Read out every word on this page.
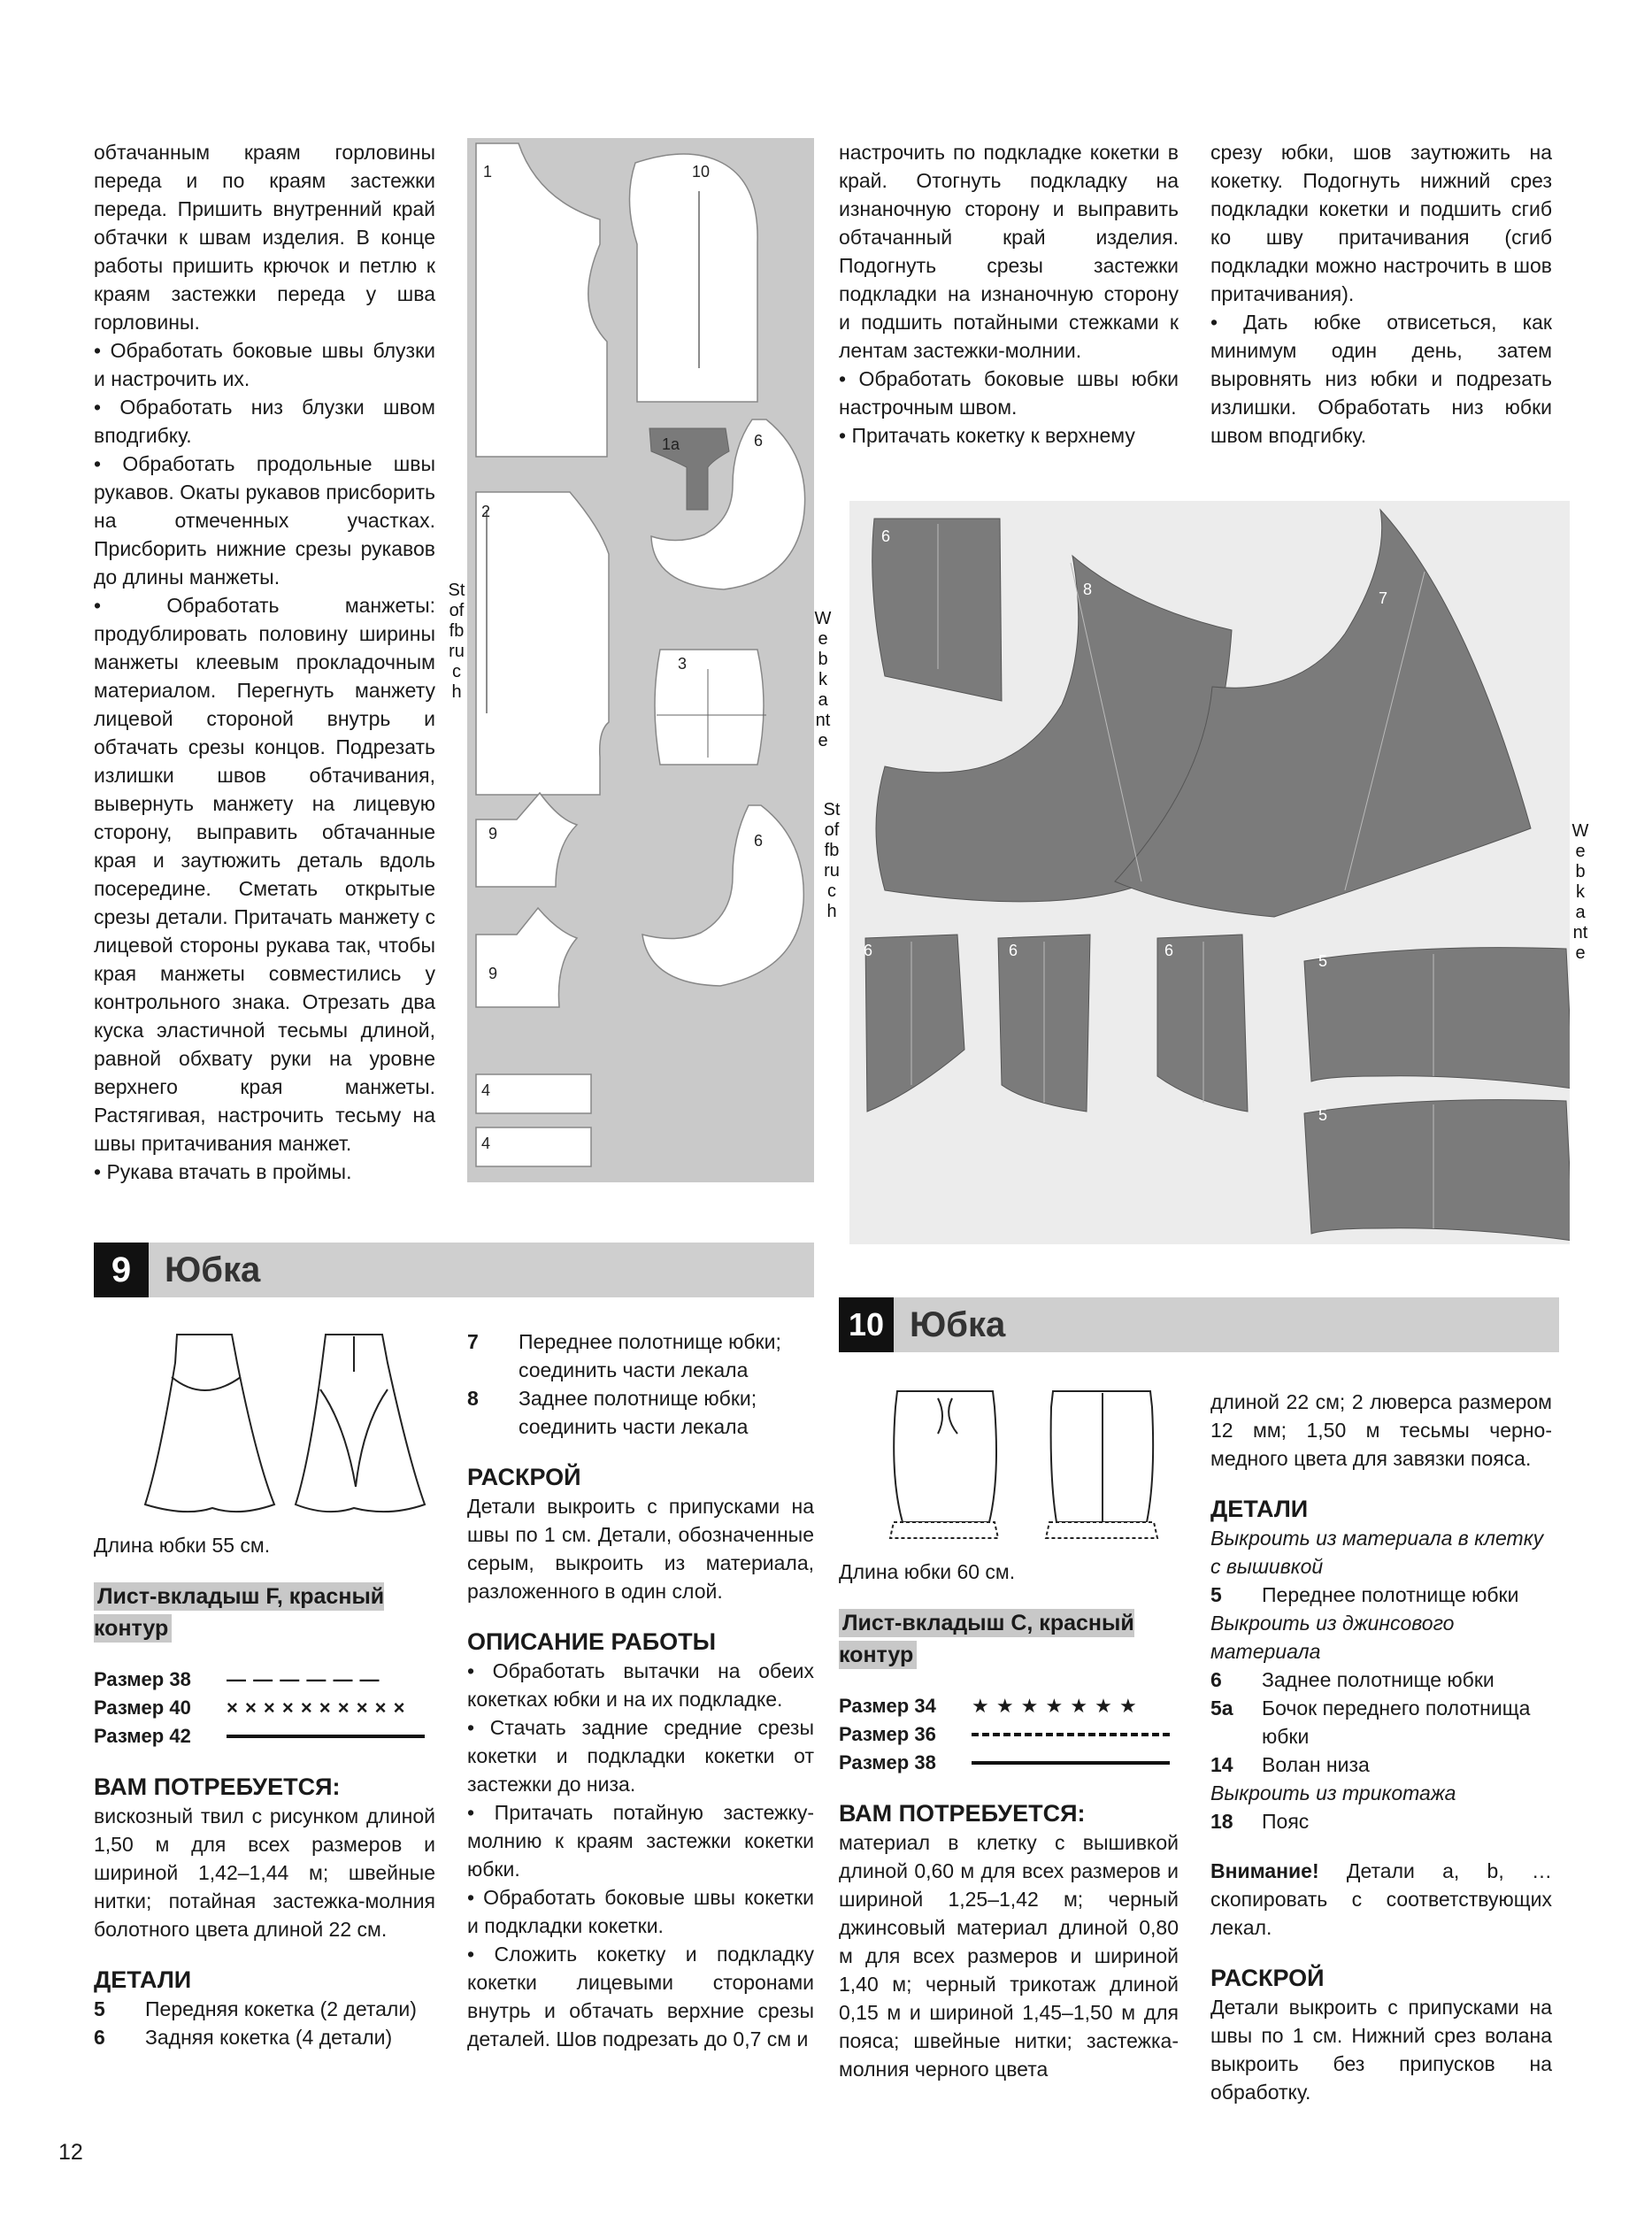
обтачанным краям горловины переда и по краям застежки переда. Пришить внутренний край обтачки к швам изделия. В конце работы пришить крючок и петлю к краям застежки переда у шва горловины.

• Обработать боковые швы блузки и настрочить их.

• Обработать низ блузки швом вподгибку.

• Обработать продольные швы рукавов. Окаты рукавов присборить на отмеченных участках. Присборить нижние срезы рукавов до длины манжеты.

• Обработать манжеты: продублировать половину ширины манжеты клеевым прокладочным материалом. Перегнуть манжету лицевой стороной внутрь и обтачать срезы концов. Подрезать излишки швов обтачивания, вывернуть манжету на лицевую сторону, выправить обтачанные края и заутюжить деталь вдоль посередине. Сметать открытые срезы детали. Притачать манжету с лицевой стороны рукава так, чтобы края манжеты совместились у контрольного знака. Отрезать два куска эластичной тесьмы длиной, равной обхвату руки на уровне верхнего края манжеты. Растягивая, настрочить тесьму на швы притачивания манжет.

• Рукава втачать в проймы.

настрочить по подкладке кокетки в край. Отогнуть подкладку на изнаночную сторону и выправить обтачанный край изделия. Подогнуть срезы застежки подкладки на изнаночную сторону и подшить потайными стежками к лентам застежки-молнии.

• Обработать боковые швы юбки настрочным швом.

• Притачать кокетку к верхнему

срезу юбки, шов заутюжить на кокетку. Подогнуть нижний срез подкладки кокетки и подшить сгиб ко шву притачивания (сгиб подкладки можно настрочить в шов притачивания).

• Дать юбке отвисеться, как минимум один день, затем выровнять низ юбки и подрезать излишки. Обработать низ юбки швом вподгибку.

1	10
1a	6
2
3
9	6
9
4
4
Stoffbruch
Webkante
6
8	7
6	6	6
5
5
Stoffbruch
Webkante
9 Юбка

Длина юбки 55 см.

Лист-вкладыш F, красный контур
Размер 38	— — — — — —
Размер 40	× × × × × × × × × ×
Размер 42

ВАМ ПОТРЕБУЕТСЯ:

вискозный твил с рисунком длиной 1,50 м для всех размеров и шириной 1,42–1,44 м; швейные нитки; потайная застежка-молния болотного цвета длиной 22 см.

ДЕТАЛИ

5	Передняя кокетка (2 детали)
6	Задняя кокетка (4 детали)
7	Переднее полотнище юбки; соединить части лекала
8	Заднее полотнище юбки; соединить части лекала

РАСКРОЙ

Детали выкроить с припусками на швы по 1 см. Детали, обозначенные серым, выкроить из материала, разложенного в один слой.

ОПИСАНИЕ РАБОТЫ

• Обработать вытачки на обеих кокетках юбки и на их подкладке.

• Стачать задние средние срезы кокетки и подкладки кокетки от застежки до низа.

• Притачать потайную застежку-молнию к краям застежки кокетки юбки.

• Обработать боковые швы кокетки и подкладки кокетки.

• Сложить кокетку и подкладку кокетки лицевыми сторонами внутрь и обтачать верхние срезы деталей. Шов подрезать до 0,7 см и

10 Юбка

Длина юбки 60 см.

Лист-вкладыш С, красный контур
Размер 34	★ ★ ★ ★ ★ ★ ★
Размер 36
Размер 38

ВАМ ПОТРЕБУЕТСЯ:

материал в клетку с вышивкой длиной 0,60 м для всех размеров и шириной 1,25–1,42 м; черный джинсовый материал длиной 0,80 м для всех размеров и шириной 1,40 м; черный трикотаж длиной 0,15 м и шириной 1,45–1,50 м для пояса; швейные нитки; застежка-молния черного цвета

длиной 22 см; 2 люверса размером 12 мм; 1,50 м тесьмы черно-медного цвета для завязки пояса.

ДЕТАЛИ

Выкроить из материала в клетку с вышивкой

5	Переднее полотнище юбки

Выкроить из джинсового материала

6	Заднее полотнище юбки
5a	Бочок переднего полотнища юбки
14	Волан низа

Выкроить из трикотажа

18	Пояс

Внимание! Детали a, b, … скопировать с соответствующих лекал.

РАСКРОЙ

Детали выкроить с припусками на швы по 1 см. Нижний срез волана выкроить без припусков на обработку.

12
